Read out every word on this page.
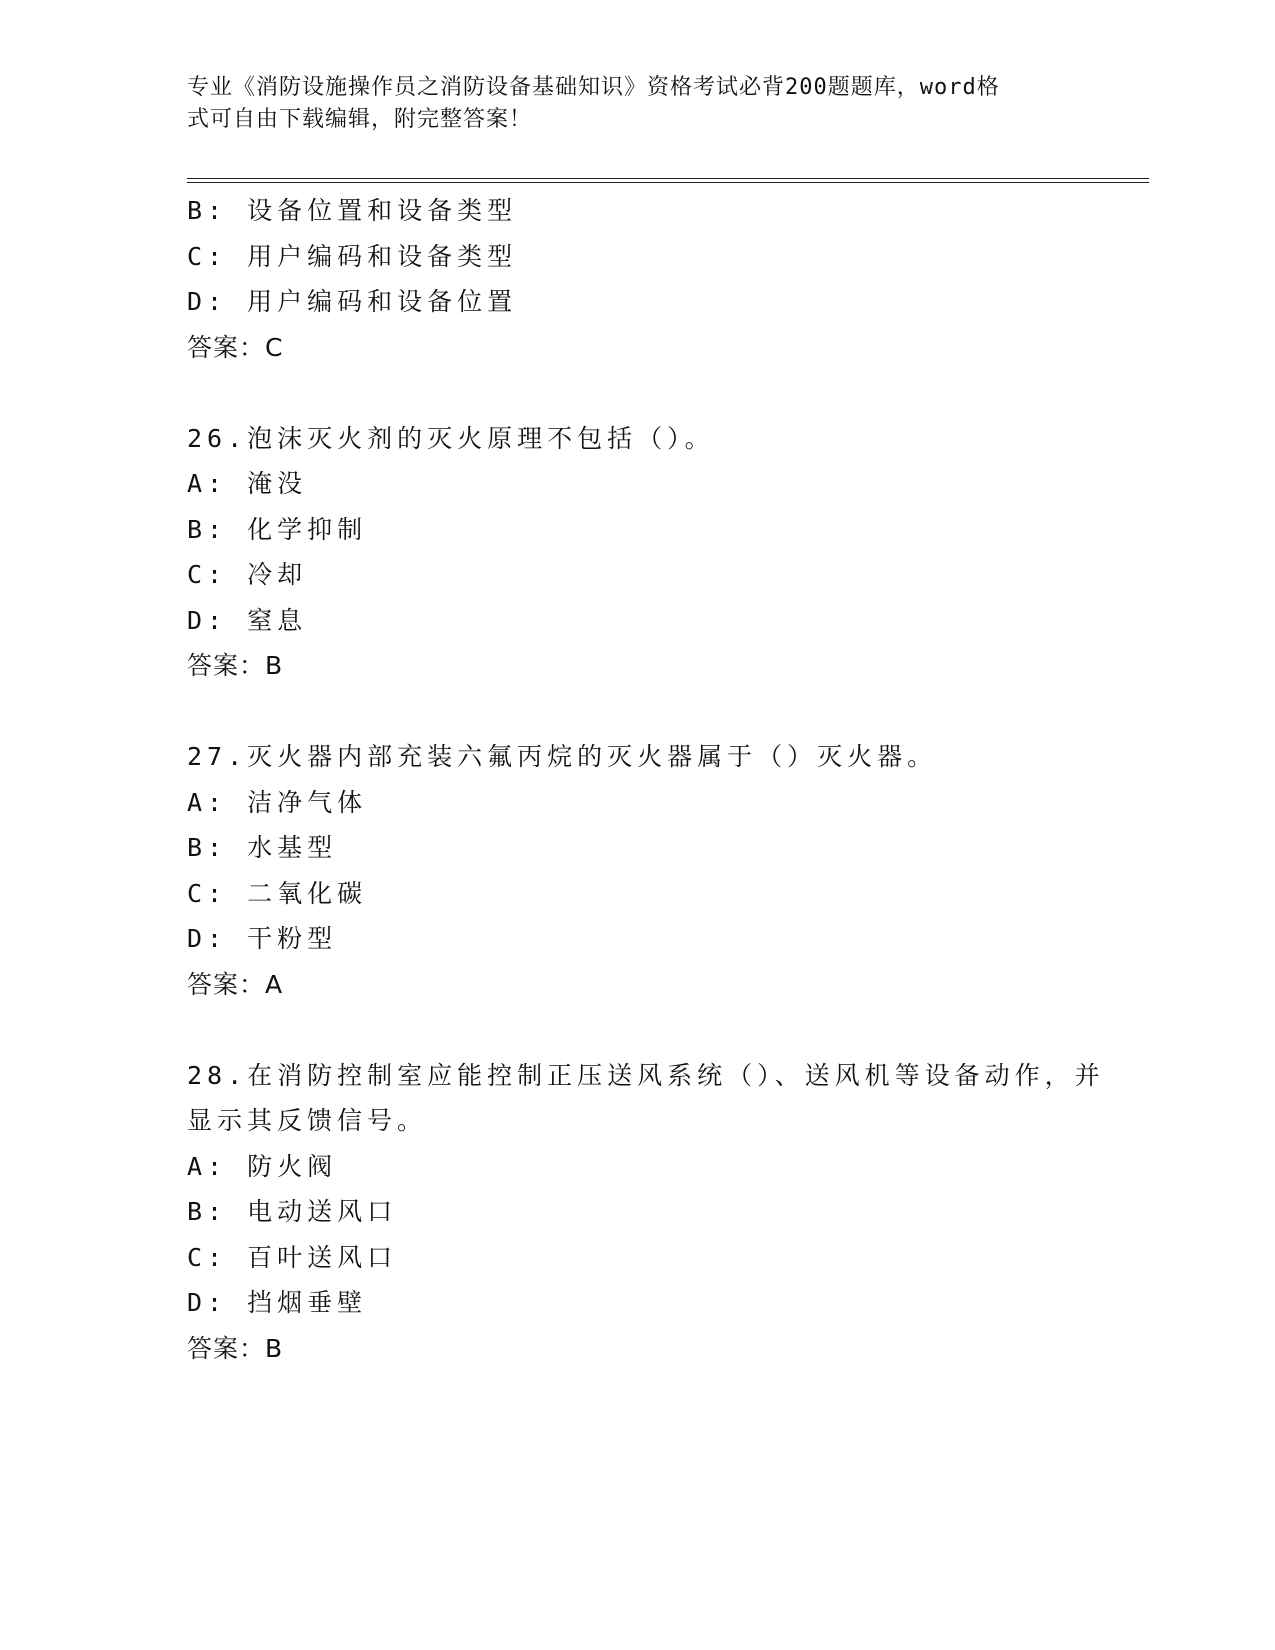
专业《消防设施操作员之消防设备基础知识》资格考试必背200题题库，word格
式可自由下载编辑，附完整答案！
B: 设备位置和设备类型
C: 用户编码和设备类型
D: 用户编码和设备位置
答案：C
26.泡沫灭火剂的灭火原理不包括（）。
A: 淹没
B: 化学抑制
C: 冷却
D: 窒息
答案：B
27.灭火器内部充装六氟丙烷的灭火器属于（）灭火器。
A: 洁净气体
B: 水基型
C: 二氧化碳
D: 干粉型
答案：A
28.在消防控制室应能控制正压送风系统（）、送风机等设备动作，并
显示其反馈信号。
A: 防火阀
B: 电动送风口
C: 百叶送风口
D: 挡烟垂壁
答案：B
